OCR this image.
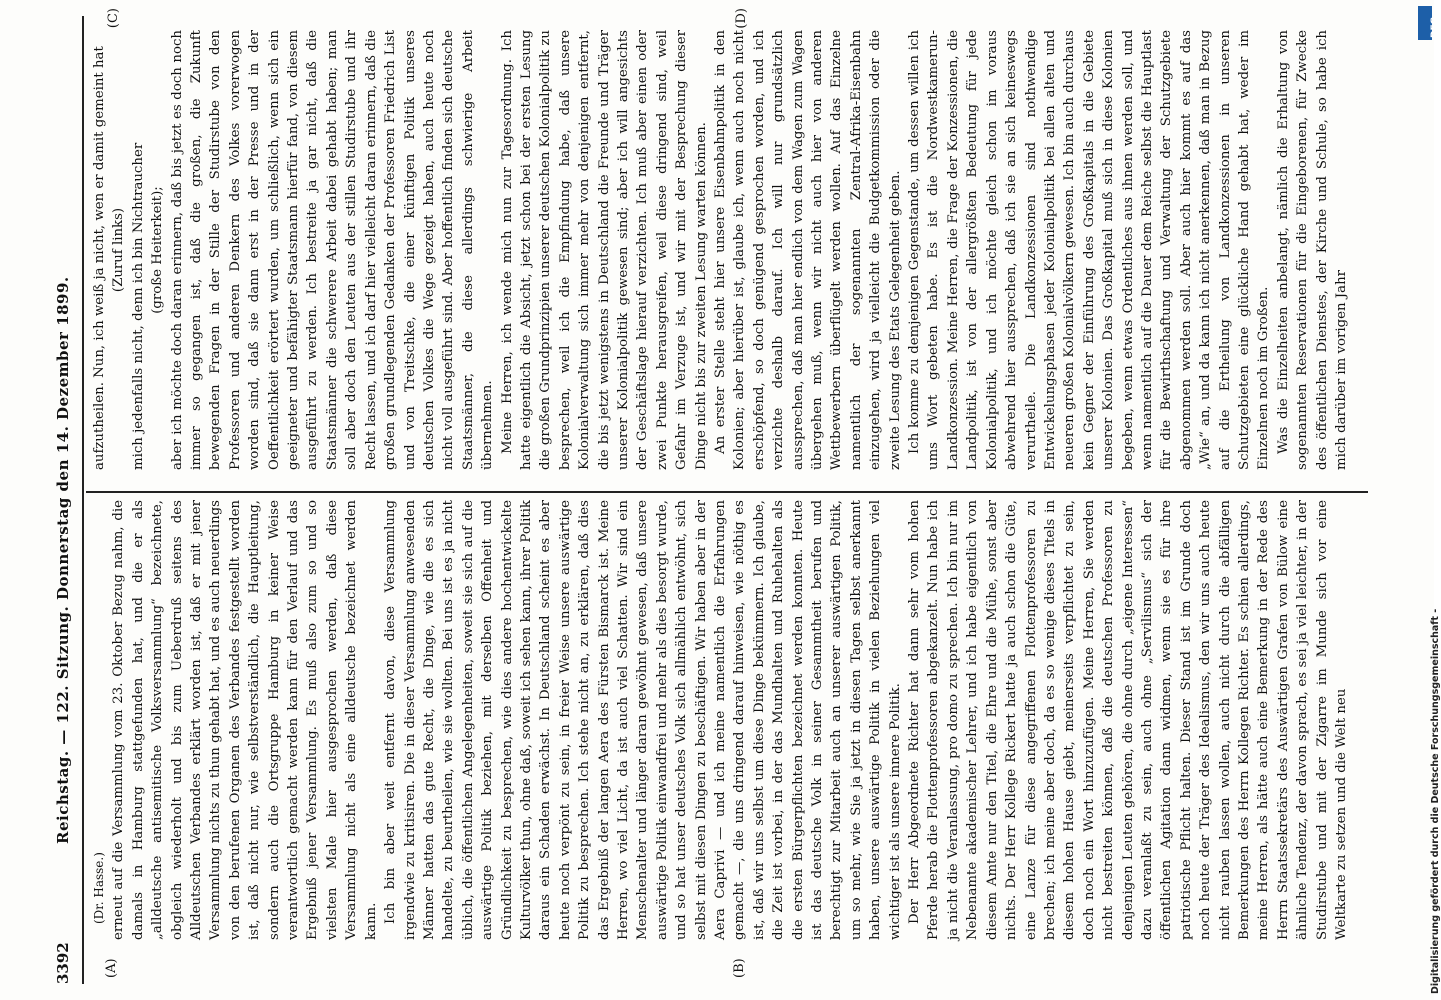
3392
Reichstag. — 122. Sitzung. Donnerstag den 14. Dezember 1899.
(A)	(B)
(C)	(D)

(Dr. Hasse.) erneut auf die Versammlung vom 23. Oktober Bezug nahm, die damals in Hamburg stattgefunden hat, und die er als „alldeutsche antisemitische Volksversammlung“ bezeichnete, obgleich wiederholt und bis zum Ueberdruß seitens des Alldeutschen Verbandes erklärt worden ist, daß er mit jener Versammlung nichts zu thun gehabt hat, und es auch neuerdings von den berufenen Organen des Verbandes festgestellt worden ist, daß nicht nur, wie selbstverständlich, die Hauptleitung, sondern auch die Ortsgruppe Hamburg in keiner Weise verantwortlich gemacht werden kann für den Verlauf und das Ergebniß jener Versammlung. Es muß also zum so und so vielsten Male hier ausgesprochen werden, daß diese Versammlung nicht als eine alldeutsche bezeichnet werden kann. Ich bin aber weit entfernt davon, diese Versammlung irgendwie zu kritisiren. Die in dieser Versammlung anwesenden Männer hatten das gute Recht, die Dinge, wie die es sich handelte, zu beurtheilen, wie sie wollten. Bei uns ist es ja nicht üblich, die öffentlichen Angelegenheiten, soweit sie sich auf die auswärtige Politik beziehen, mit derselben Offenheit und Gründlichkeit zu besprechen, wie dies andere hochentwickelte Kulturvölker thun, ohne daß, soweit ich sehen kann, ihrer Politik daraus ein Schaden erwächst. In Deutschland scheint es aber heute noch verpönt zu sein, in freier Weise unsere auswärtige Politik zu besprechen. Ich stehe nicht an, zu erklären, daß dies das Ergebniß der langen Aera des Fürsten Bismarck ist. Meine Herren, wo viel Licht, da ist auch viel Schatten. Wir sind ein Menschenalter und länger daran gewöhnt gewesen, daß unsere auswärtige Politik einwandfrei und mehr als dies besorgt wurde, und so hat unser deutsches Volk sich allmählich entwöhnt, sich selbst mit diesen Dingen zu beschäftigen. Wir haben aber in der Aera Caprivi — und ich meine namentlich die Erfahrungen gemacht —, die uns dringend darauf hinweisen, wie nöthig es ist, daß wir uns selbst um diese Dinge bekümmern. Ich glaube, die Zeit ist vorbei, in der das Mundhalten und Ruhehalten als die ersten Bürgerpflichten bezeichnet werden konnten. Heute ist das deutsche Volk in seiner Gesammtheit berufen und berechtigt zur Mitarbeit auch an unserer auswärtigen Politik, um so mehr, wie Sie ja jetzt in diesen Tagen selbst anerkannt haben, unsere auswärtige Politik in vielen Beziehungen viel wichtiger ist als unsere innere Politik. Der Herr Abgeordnete Richter hat dann sehr vom hohen Pferde herab die Flottenprofessoren abgekanzelt. Nun habe ich ja nicht die Veranlassung, pro domo zu sprechen. Ich bin nur im Nebenamte akademischer Lehrer, und ich habe eigentlich von diesem Amte nur den Titel, die Ehre und die Mühe, sonst aber nichts. Der Herr Kollege Rickert hatte ja auch schon die Güte, eine Lanze für diese angegriffenen Flottenprofessoren zu brechen; ich meine aber doch, da es so wenige dieses Titels in diesem hohen Hause giebt, meinerseits verpflichtet zu sein, doch noch ein Wort hinzuzufügen. Meine Herren, Sie werden nicht bestreiten können, daß die deutschen Professoren zu denjenigen Leuten gehören, die ohne durch „eigene Interessen“ dazu veranlaßt zu sein, auch ohne „Servilismus“ sich der öffentlichen Agitation dann widmen, wenn sie es für ihre patriotische Pflicht halten. Dieser Stand ist im Grunde doch noch heute der Träger des Idealismus, den wir uns auch heute nicht rauben lassen wollen, auch nicht durch die abfälligen Bemerkungen des Herrn Kollegen Richter. Es schien allerdings, meine Herren, als hätte auch eine Bemerkung in der Rede des Herrn Staatssekretärs des Auswärtigen Grafen von Bülow eine ähnliche Tendenz, der davon sprach, es sei ja viel leichter, in der Studirstube und mit der Zigarre im Munde sich vor eine Weltkarte zu setzen und die Welt neu

aufzutheilen. Nun, ich weiß ja nicht, wen er damit gemeint hat (Zuruf links) mich jedenfalls nicht, denn ich bin Nichtraucher (große Heiterkeit); aber ich möchte doch daran erinnern, daß bis jetzt es doch noch immer so gegangen ist, daß die großen, die Zukunft bewegenden Fragen in der Stille der Studirstube von den Professoren und anderen Denkern des Volkes vorerwogen worden sind, daß sie dann erst in der Presse und in der Oeffentlichkeit erörtert wurden, um schließlich, wenn sich ein geeigneter und befähigter Staatsmann hierfür fand, von diesem ausgeführt zu werden. Ich bestreite ja gar nicht, daß die Staatsmänner die schwerere Arbeit dabei gehabt haben; man soll aber doch den Leuten aus der stillen Studirstube und ihr Recht lassen, und ich darf hier vielleicht daran erinnern, daß die großen grundlegenden Gedanken der Professoren Friedrich List und von Treitschke, die einer künftigen Politik unseres deutschen Volkes die Wege gezeigt haben, auch heute noch nicht voll ausgeführt sind. Aber hoffentlich finden sich deutsche Staatsmänner, die diese allerdings schwierige Arbeit übernehmen. Meine Herren, ich wende mich nun zur Tagesordnung. Ich hatte eigentlich die Absicht, jetzt schon bei der ersten Lesung die großen Grundprinzipien unserer deutschen Kolonialpolitik zu besprechen, weil ich die Empfindung habe, daß unsere Kolonialverwaltung sich immer mehr von denjenigen entfernt, die bis jetzt wenigstens in Deutschland die Freunde und Träger unserer Kolonialpolitik gewesen sind; aber ich will angesichts der Geschäftslage hierauf verzichten. Ich muß aber einen oder zwei Punkte herausgreifen, weil diese dringend sind, weil Gefahr im Verzuge ist, und wir mit der Besprechung dieser Dinge nicht bis zur zweiten Lesung warten können. An erster Stelle steht hier unsere Eisenbahnpolitik in den Kolonien; aber hierüber ist, glaube ich, wenn auch noch nicht erschöpfend, so doch genügend gesprochen worden, und ich verzichte deshalb darauf. Ich will nur grundsätzlich aussprechen, daß man hier endlich von dem Wagen zum Wagen übergehen muß, wenn wir nicht auch hier von anderen Wettbewerbern überflügelt werden wollen. Auf das Einzelne namentlich der sogenannten Zentral-Afrika-Eisenbahn einzugehen, wird ja vielleicht die Budgetkommission oder die zweite Lesung des Etats Gelegenheit geben. Ich komme zu demjenigen Gegenstande, um dessen willen ich ums Wort gebeten habe. Es ist die Nordwestkamerun-Landkonzession. Meine Herren, die Frage der Konzessionen, die Landpolitik, ist von der allergrößten Bedeutung für jede Kolonialpolitik, und ich möchte gleich schon im voraus abwehrend hier aussprechen, daß ich sie an sich keineswegs verurtheile. Die Landkonzessionen sind nothwendige Entwickelungsphasen jeder Kolonialpolitik bei allen alten und neueren großen Kolonialvölkern gewesen. Ich bin auch durchaus kein Gegner der Einführung des Großkapitals in die Gebiete unserer Kolonien. Das Großkapital muß sich in diese Kolonien begeben, wenn etwas Ordentliches aus ihnen werden soll, und wenn namentlich auf die Dauer dem Reiche selbst die Hauptlast für die Bewirthschaftung und Verwaltung der Schutzgebiete abgenommen werden soll. Aber auch hier kommt es auf das „Wie“ an, und da kann ich nicht anerkennen, daß man in Bezug auf die Ertheilung von Landkonzessionen in unseren Schutzgebieten eine glückliche Hand gehabt hat, weder im Einzelnen noch im Großen. Was die Einzelheiten anbelangt, nämlich die Erhaltung von sogenannten Reservationen für die Eingeborenen, für Zwecke des öffentlichen Dienstes, der Kirche und Schule, so habe ich mich darüber im vorigen Jahr

DFG
Digitalisierung gefördert durch die Deutsche Forschungsgemeinschaft -
